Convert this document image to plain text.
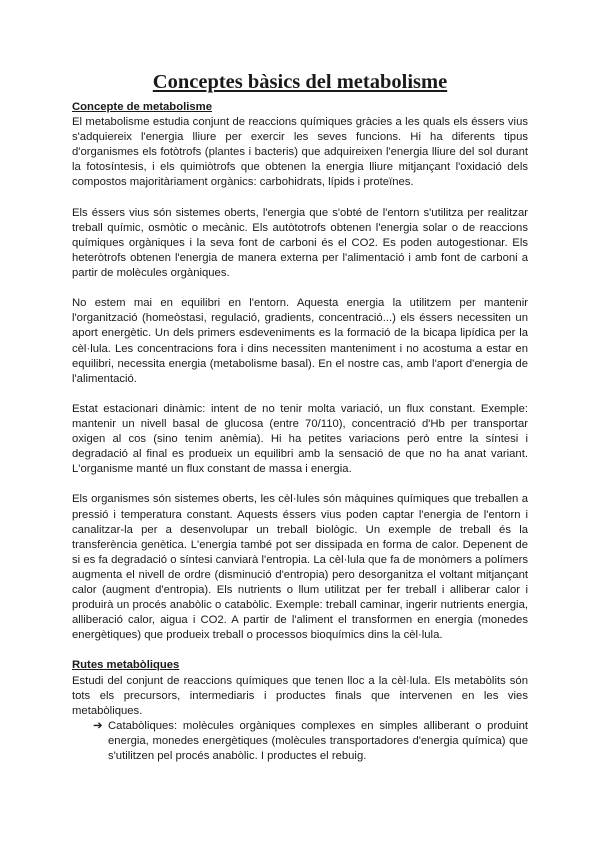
Conceptes bàsics del metabolisme
Concepte de metabolisme

El metabolisme estudia conjunt de reaccions químiques gràcies a les quals els éssers vius s'adquiereix l'energia lliure per exercir les seves funcions. Hi ha diferents tipus d'organismes els fotòtrofs (plantes i bacteris) que adquireixen l'energia lliure del sol durant la fotosíntesis, i els quimiòtrofs que obtenen la energia lliure mitjançant l'oxidació dels compostos majoritàriament orgànics: carbohidrats, lípids i proteïnes.

Els éssers vius són sistemes oberts, l'energia que s'obté de l'entorn s'utilitza per realitzar treball químic, osmòtic o mecànic. Els autòtotrofs obtenen l'energia solar o de reaccions químiques orgàniques i la seva font de carboni és el CO2. Es poden autogestionar. Els heteròtrofs obtenen l'energia de manera externa per l'alimentació i amb font de carboni a partir de molècules orgàniques.

No estem mai en equilibri en l'entorn. Aquesta energia la utilitzem per mantenir l'organització (homeòstasi, regulació, gradients, concentració...) els éssers necessiten un aport energètic. Un dels primers esdeveniments es la formació de la bicapa lipídica per la cèl·lula. Les concentracions fora i dins necessiten manteniment i no acostuma a estar en equilibri, necessita energia (metabolisme basal). En el nostre cas, amb l'aport d'energia de l'alimentació.

Estat estacionari dinàmic: intent de no tenir molta variació, un flux constant. Exemple: mantenir un nivell basal de glucosa (entre 70/110), concentració d'Hb per transportar oxigen al cos (sino tenim anèmia). Hi ha petites variacions però entre la síntesi i degradació al final es produeix un equilibri amb la sensació de que no ha anat variant. L'organisme manté un flux constant de massa i energia.

Els organismes són sistemes oberts, les cèl·lules són màquines químiques que treballen a pressió i temperatura constant. Aquests éssers vius poden captar l'energia de l'entorn i canalitzar-la per a desenvolupar un treball biològic. Un exemple de treball és la transferència genètica. L'energia també pot ser dissipada en forma de calor. Depenent de si es fa degradació o síntesi canviarà l'entropia. La cèl·lula que fa de monòmers a polímers augmenta el nivell de ordre (disminució d'entropia) pero desorganitza el voltant mitjançant calor (augment d'entropia). Els nutrients o llum utilitzat per fer treball i alliberar calor i produirà un procés anabòlic o catabòlic. Exemple: treball caminar, ingerir nutrients energia, alliberació calor, aigua i CO2. A partir de l'aliment el transformen en energia (monedes energètiques) que produeix treball o processos bioquímics dins la cèl·lula.

Rutes metabòliques

Estudi del conjunt de reaccions químiques que tenen lloc a la cèl·lula. Els metabòlits són tots els precursors, intermediaris i productes finals que intervenen en les vies metabòliques.

➔ Catabòliques: molècules orgàniques complexes en simples alliberant o produint energia, monedes energètiques (molècules transportadores d'energia química) que s'utilitzen pel procés anabòlic. I productes el rebuig.
